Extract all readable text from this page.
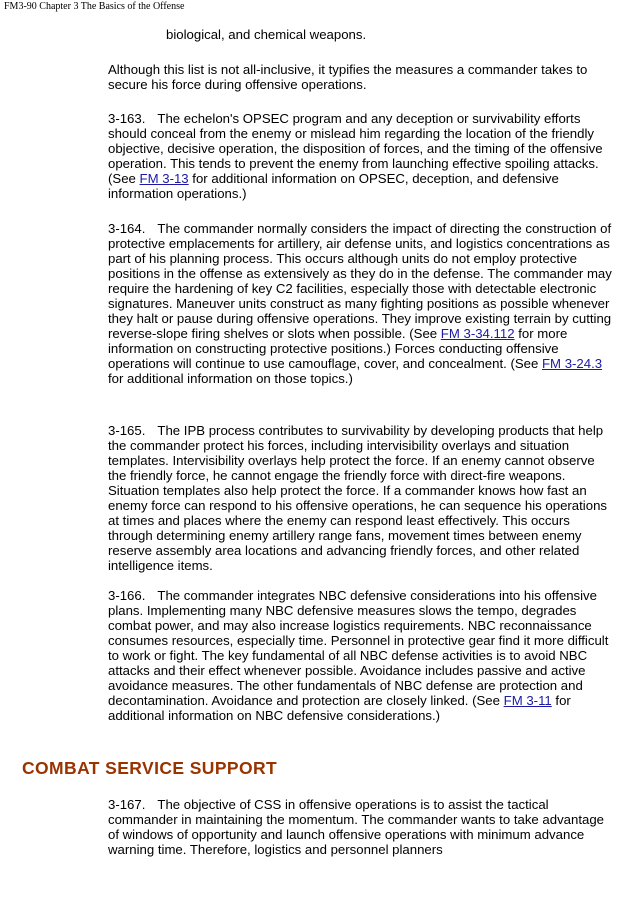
FM3-90 Chapter 3 The Basics of the Offense

biological, and chemical weapons.

Although this list is not all-inclusive, it typifies the measures a commander takes to secure his force during offensive operations.

3-163. The echelon's OPSEC program and any deception or survivability efforts should conceal from the enemy or mislead him regarding the location of the friendly objective, decisive operation, the disposition of forces, and the timing of the offensive operation. This tends to prevent the enemy from launching effective spoiling attacks. (See FM 3-13 for additional information on OPSEC, deception, and defensive information operations.)

3-164. The commander normally considers the impact of directing the construction of protective emplacements for artillery, air defense units, and logistics concentrations as part of his planning process. This occurs although units do not employ protective positions in the offense as extensively as they do in the defense. The commander may require the hardening of key C2 facilities, especially those with detectable electronic signatures. Maneuver units construct as many fighting positions as possible whenever they halt or pause during offensive operations. They improve existing terrain by cutting reverse-slope firing shelves or slots when possible. (See FM 3-34.112 for more information on constructing protective positions.) Forces conducting offensive operations will continue to use camouflage, cover, and concealment. (See FM 3-24.3 for additional information on those topics.)

3-165. The IPB process contributes to survivability by developing products that help the commander protect his forces, including intervisibility overlays and situation templates. Intervisibility overlays help protect the force. If an enemy cannot observe the friendly force, he cannot engage the friendly force with direct-fire weapons. Situation templates also help protect the force. If a commander knows how fast an enemy force can respond to his offensive operations, he can sequence his operations at times and places where the enemy can respond least effectively. This occurs through determining enemy artillery range fans, movement times between enemy reserve assembly area locations and advancing friendly forces, and other related intelligence items.

3-166. The commander integrates NBC defensive considerations into his offensive plans. Implementing many NBC defensive measures slows the tempo, degrades combat power, and may also increase logistics requirements. NBC reconnaissance consumes resources, especially time. Personnel in protective gear find it more difficult to work or fight. The key fundamental of all NBC defense activities is to avoid NBC attacks and their effect whenever possible. Avoidance includes passive and active avoidance measures. The other fundamentals of NBC defense are protection and decontamination. Avoidance and protection are closely linked. (See FM 3-11 for additional information on NBC defensive considerations.)

COMBAT SERVICE SUPPORT

3-167. The objective of CSS in offensive operations is to assist the tactical commander in maintaining the momentum. The commander wants to take advantage of windows of opportunity and launch offensive operations with minimum advance warning time. Therefore, logistics and personnel planners
